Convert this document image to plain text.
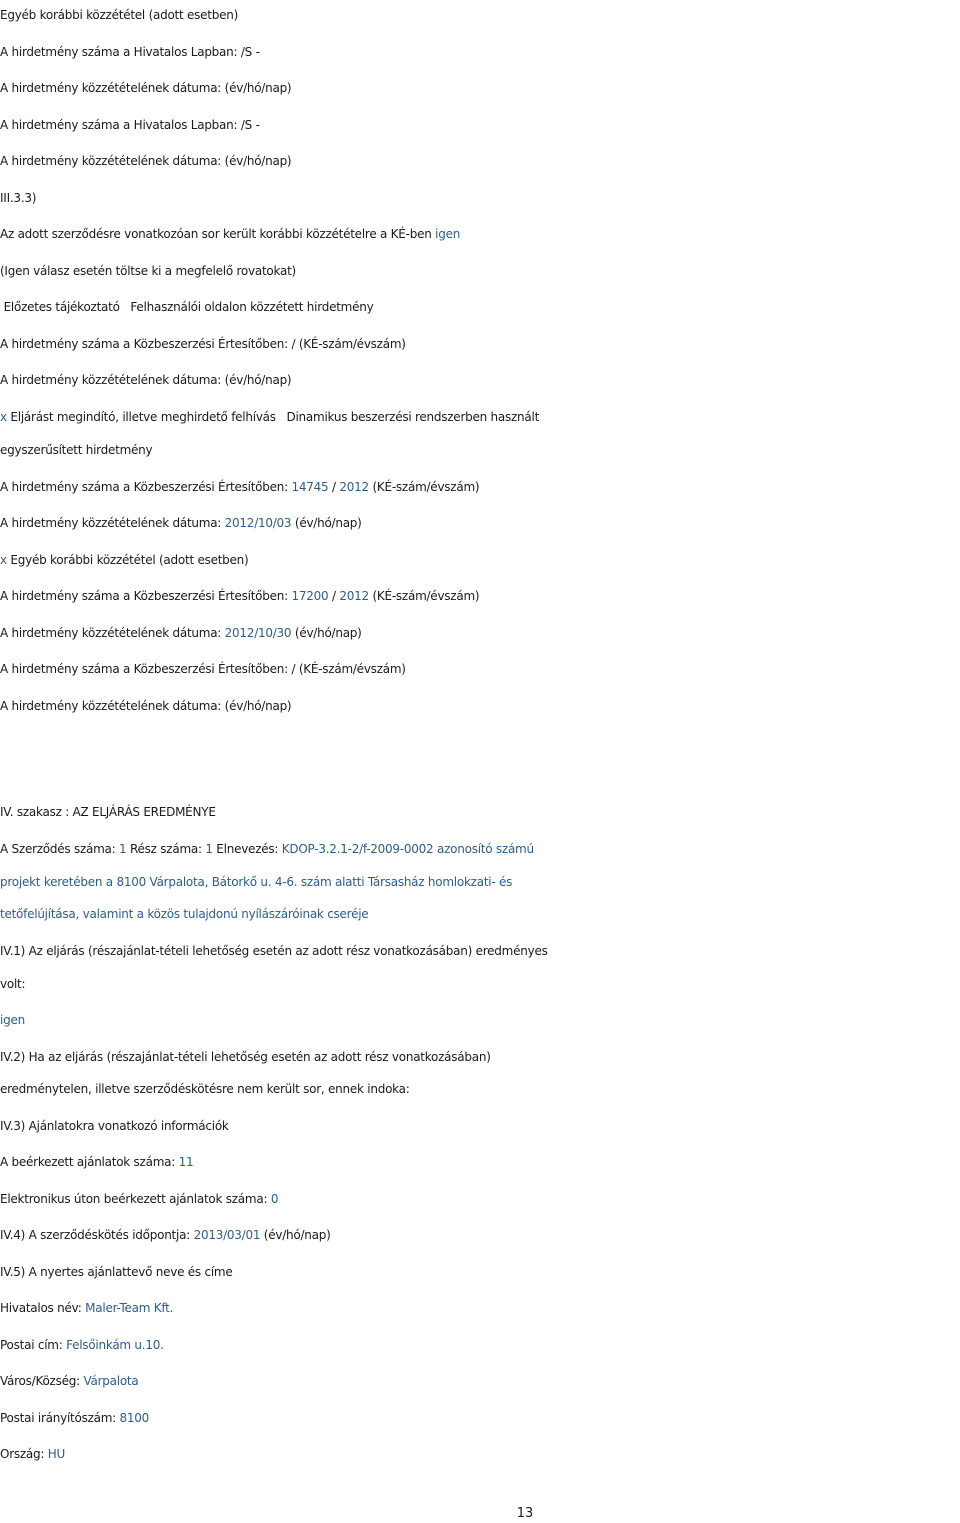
Egyéb korábbi közzététel (adott esetben)
A hirdetmény száma a Hivatalos Lapban: /S -
A hirdetmény közzétételének dátuma: (év/hó/nap)
A hirdetmény száma a Hivatalos Lapban: /S -
A hirdetmény közzétételének dátuma: (év/hó/nap)
III.3.3)
Az adott szerződésre vonatkozóan sor került korábbi közzétételre a KÉ-ben igen
(Igen válasz esetén töltse ki a megfelelő rovatokat)
Előzetes tájékoztató   Felhasználói oldalon közzétett hirdetmény
A hirdetmény száma a Közbeszerzési Értesítőben: / (KÉ-szám/évszám)
A hirdetmény közzétételének dátuma: (év/hó/nap)
x Eljárást megindító, illetve meghirdető felhívás   Dinamikus beszerzési rendszerben használt
egyszerűsített hirdetmény
A hirdetmény száma a Közbeszerzési Értesítőben: 14745 / 2012 (KÉ-szám/évszám)
A hirdetmény közzétételének dátuma: 2012/10/03 (év/hó/nap)
x Egyéb korábbi közzététel (adott esetben)
A hirdetmény száma a Közbeszerzési Értesítőben: 17200 / 2012 (KÉ-szám/évszám)
A hirdetmény közzétételének dátuma: 2012/10/30 (év/hó/nap)
A hirdetmény száma a Közbeszerzési Értesítőben: / (KÉ-szám/évszám)
A hirdetmény közzétételének dátuma: (év/hó/nap)
IV. szakasz : AZ ELJÁRÁS EREDMÉNYE
A Szerződés száma: 1 Rész száma: 1 Elnevezés: KDOP-3.2.1-2/f-2009-0002 azonosító számú
projekt keretében a 8100 Várpalota, Bátorkő u. 4-6. szám alatti Társasház homlokzati- és
tetőfelújítása, valamint a közös tulajdonú nyílászáróinak cseréje
IV.1) Az eljárás (részajánlat-tételi lehetőség esetén az adott rész vonatkozásában) eredményes
volt:
igen
IV.2) Ha az eljárás (részajánlat-tételi lehetőség esetén az adott rész vonatkozásában)
eredménytelen, illetve szerződéskötésre nem került sor, ennek indoka:
IV.3) Ajánlatokra vonatkozó információk
A beérkezett ajánlatok száma: 11
Elektronikus úton beérkezett ajánlatok száma: 0
IV.4) A szerződéskötés időpontja: 2013/03/01 (év/hó/nap)
IV.5) A nyertes ajánlattevő neve és címe
Hivatalos név: Maler-Team Kft.
Postai cím: Felsőinkám u.10.
Város/Község: Várpalota
Postai irányítószám: 8100
Ország: HU
13
